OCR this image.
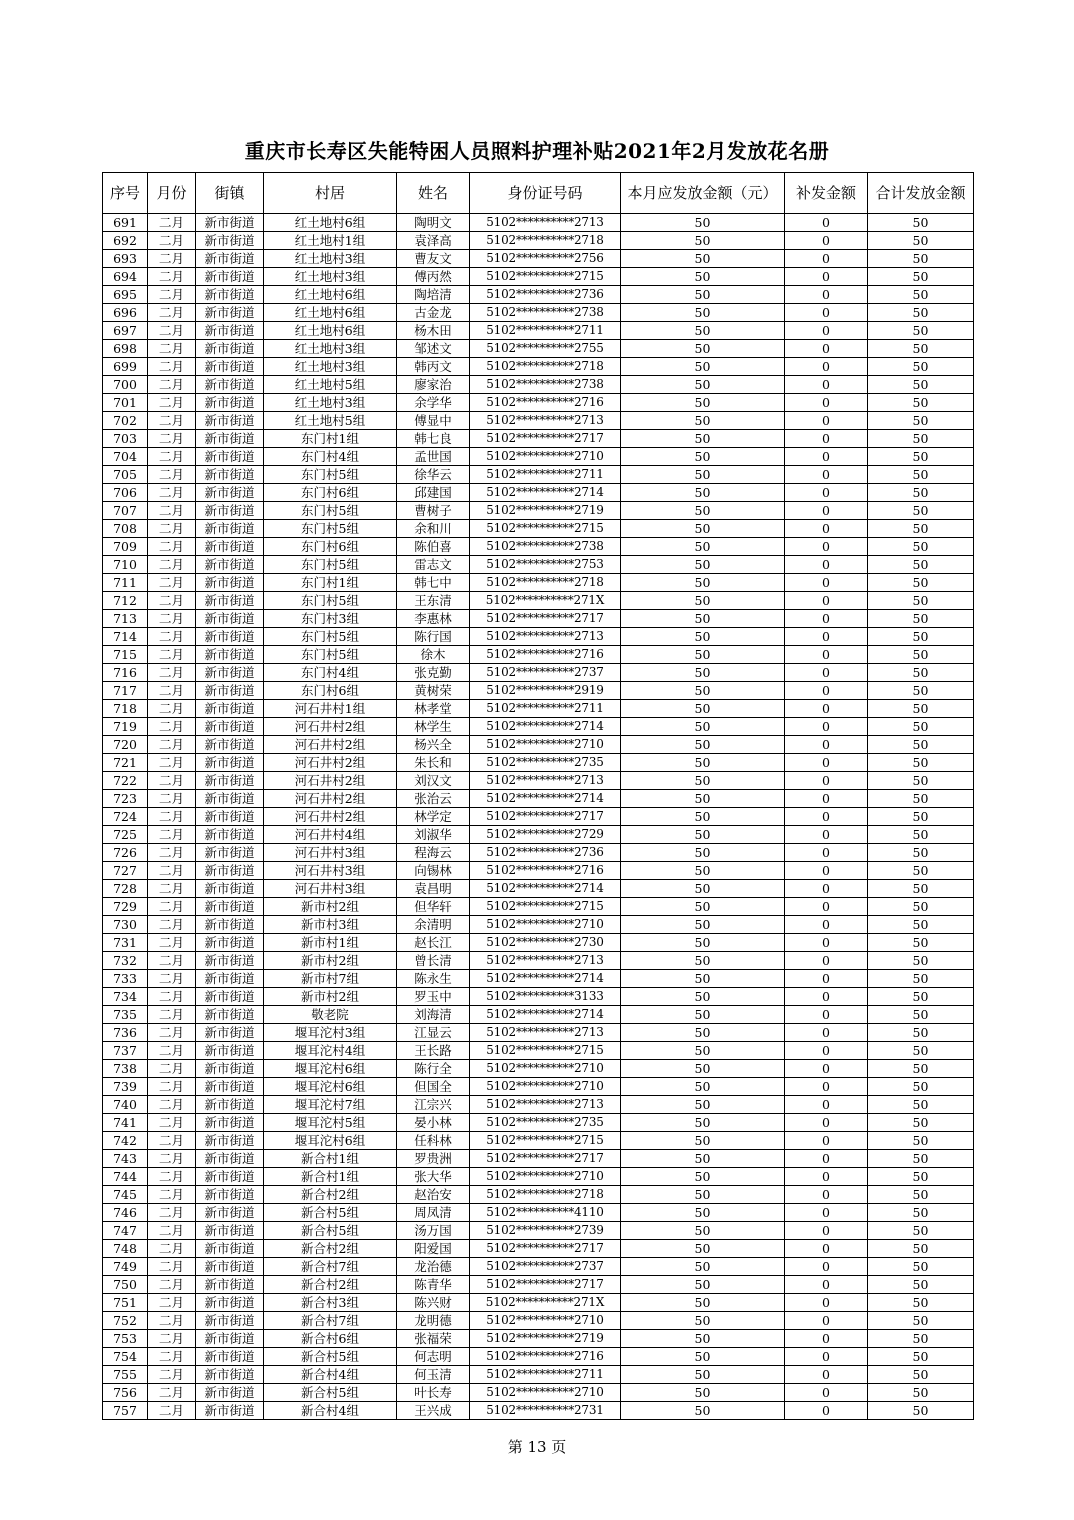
重庆市长寿区失能特困人员照料护理补贴2021年2月发放花名册
序号	月份	街镇	村居	姓名	身份证号码	本月应发放金额（元）	补发金额	合计发放金额
691	二月	新市街道	红土地村6组	陶明文	5102**********2713	50	0	50
692	二月	新市街道	红土地村1组	袁泽高	5102**********2718	50	0	50
693	二月	新市街道	红土地村3组	曹友文	5102**********2756	50	0	50
694	二月	新市街道	红土地村3组	傅丙然	5102**********2715	50	0	50
695	二月	新市街道	红土地村6组	陶培清	5102**********2736	50	0	50
696	二月	新市街道	红土地村6组	古金龙	5102**********2738	50	0	50
697	二月	新市街道	红土地村6组	杨木田	5102**********2711	50	0	50
698	二月	新市街道	红土地村3组	邹述文	5102**********2755	50	0	50
699	二月	新市街道	红土地村3组	韩丙文	5102**********2718	50	0	50
700	二月	新市街道	红土地村5组	廖家治	5102**********2738	50	0	50
701	二月	新市街道	红土地村3组	余学华	5102**********2716	50	0	50
702	二月	新市街道	红土地村5组	傅显中	5102**********2713	50	0	50
703	二月	新市街道	东门村1组	韩七良	5102**********2717	50	0	50
704	二月	新市街道	东门村4组	孟世国	5102**********2710	50	0	50
705	二月	新市街道	东门村5组	徐华云	5102**********2711	50	0	50
706	二月	新市街道	东门村6组	邱建国	5102**********2714	50	0	50
707	二月	新市街道	东门村5组	曹树子	5102**********2719	50	0	50
708	二月	新市街道	东门村5组	余和川	5102**********2715	50	0	50
709	二月	新市街道	东门村6组	陈伯喜	5102**********2738	50	0	50
710	二月	新市街道	东门村5组	雷志文	5102**********2753	50	0	50
711	二月	新市街道	东门村1组	韩七中	5102**********2718	50	0	50
712	二月	新市街道	东门村5组	王东清	5102**********271X	50	0	50
713	二月	新市街道	东门村3组	李惠林	5102**********2717	50	0	50
714	二月	新市街道	东门村5组	陈行国	5102**********2713	50	0	50
715	二月	新市街道	东门村5组	徐木	5102**********2716	50	0	50
716	二月	新市街道	东门村4组	张克勤	5102**********2737	50	0	50
717	二月	新市街道	东门村6组	黄树荣	5102**********2919	50	0	50
718	二月	新市街道	河石井村1组	林孝堂	5102**********2711	50	0	50
719	二月	新市街道	河石井村2组	林学生	5102**********2714	50	0	50
720	二月	新市街道	河石井村2组	杨兴全	5102**********2710	50	0	50
721	二月	新市街道	河石井村2组	朱长和	5102**********2735	50	0	50
722	二月	新市街道	河石井村2组	刘汉文	5102**********2713	50	0	50
723	二月	新市街道	河石井村2组	张治云	5102**********2714	50	0	50
724	二月	新市街道	河石井村2组	林学定	5102**********2717	50	0	50
725	二月	新市街道	河石井村4组	刘淑华	5102**********2729	50	0	50
726	二月	新市街道	河石井村3组	程海云	5102**********2736	50	0	50
727	二月	新市街道	河石井村3组	向锡林	5102**********2716	50	0	50
728	二月	新市街道	河石井村3组	袁昌明	5102**********2714	50	0	50
729	二月	新市街道	新市村2组	但华轩	5102**********2715	50	0	50
730	二月	新市街道	新市村3组	余清明	5102**********2710	50	0	50
731	二月	新市街道	新市村1组	赵长江	5102**********2730	50	0	50
732	二月	新市街道	新市村2组	曾长清	5102**********2713	50	0	50
733	二月	新市街道	新市村7组	陈永生	5102**********2714	50	0	50
734	二月	新市街道	新市村2组	罗玉中	5102**********3133	50	0	50
735	二月	新市街道	敬老院	刘海清	5102**********2714	50	0	50
736	二月	新市街道	堰耳沱村3组	江显云	5102**********2713	50	0	50
737	二月	新市街道	堰耳沱村4组	王长路	5102**********2715	50	0	50
738	二月	新市街道	堰耳沱村6组	陈行全	5102**********2710	50	0	50
739	二月	新市街道	堰耳沱村6组	但国全	5102**********2710	50	0	50
740	二月	新市街道	堰耳沱村7组	江宗兴	5102**********2713	50	0	50
741	二月	新市街道	堰耳沱村5组	晏小林	5102**********2735	50	0	50
742	二月	新市街道	堰耳沱村6组	任科林	5102**********2715	50	0	50
743	二月	新市街道	新合村1组	罗贵洲	5102**********2717	50	0	50
744	二月	新市街道	新合村1组	张大华	5102**********2710	50	0	50
745	二月	新市街道	新合村2组	赵治安	5102**********2718	50	0	50
746	二月	新市街道	新合村5组	周凤清	5102**********4110	50	0	50
747	二月	新市街道	新合村5组	汤万国	5102**********2739	50	0	50
748	二月	新市街道	新合村2组	阳爱国	5102**********2717	50	0	50
749	二月	新市街道	新合村7组	龙治德	5102**********2737	50	0	50
750	二月	新市街道	新合村2组	陈青华	5102**********2717	50	0	50
751	二月	新市街道	新合村3组	陈兴财	5102**********271X	50	0	50
752	二月	新市街道	新合村7组	龙明德	5102**********2710	50	0	50
753	二月	新市街道	新合村6组	张福荣	5102**********2719	50	0	50
754	二月	新市街道	新合村5组	何志明	5102**********2716	50	0	50
755	二月	新市街道	新合村4组	何玉清	5102**********2711	50	0	50
756	二月	新市街道	新合村5组	叶长寿	5102**********2710	50	0	50
757	二月	新市街道	新合村4组	王兴成	5102**********2731	50	0	50
第 13 页
